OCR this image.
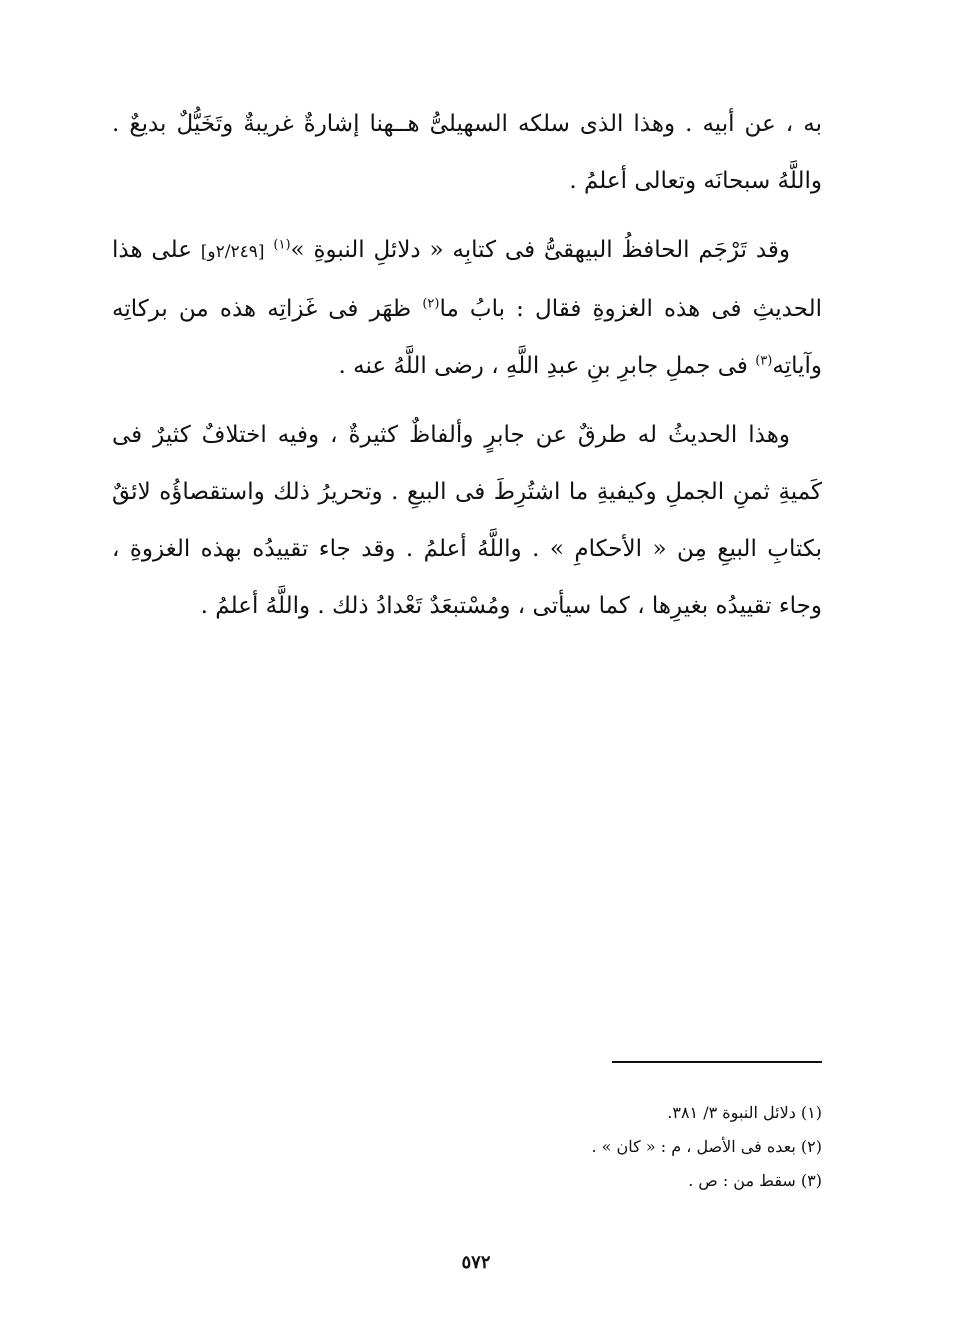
به ، عن أبيه . وهذا الذى سلكه السهيلىُّ هــهنا إشارةٌ غريبةٌ وتَخَيُّلٌ بديعٌ . واللَّهُ سبحانَه وتعالى أعلمُ .

وقد تَرْجَم الحافظُ البيهقىُّ فى كتابِه « دلائلِ النبوةِ »$^{(١)}$ [٢/٢٤٩و] على هذا الحديثِ فى هذه الغزوةِ فقال : بابُ ما$^{(٢)}$ ظهَر فى غَزاتِه هذه من بركاتِه وآياتِه$^{(٣)}$ فى جملِ جابرِ بنِ عبدِ اللَّهِ ، رضى اللَّهُ عنه .

وهذا الحديثُ له طرقٌ عن جابرٍ وألفاظٌ كثيرةٌ ، وفيه اختلافٌ كثيرٌ فى كَميةِ ثمنِ الجملِ وكيفيةِ ما اشتُرِطَ فى البيعِ . وتحريرُ ذلك واستقصاؤُه لائقٌ بكتابِ البيعِ مِن « الأحكامِ » . واللَّهُ أعلمُ . وقد جاء تقييدُه بهذه الغزوةِ ، وجاء تقييدُه بغيرِها ، كما سيأتى ، ومُسْتبعَدٌ تَعْدادُ ذلك . واللَّهُ أعلمُ .

(١) دلائل النبوة ٣/ ٣٨١.

(٢) بعده فى الأصل ، م : « كان » .

(٣) سقط من : ص .

٥٧٢
